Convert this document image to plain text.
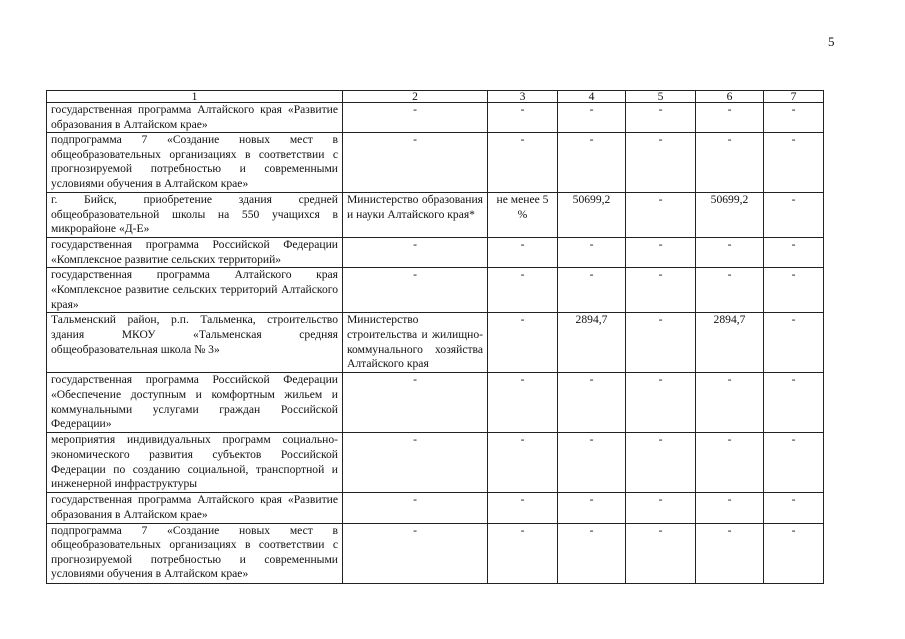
5
1	2	3	4	5	6	7
государственная программа Алтайского края «Развитие образования в Алтайском крае»	-	-	-	-	-	-
подпрограмма 7 «Создание новых мест в общеобразовательных организациях в соответствии с прогнозируемой потребностью и современными условиями обучения в Алтайском крае»	-	-	-	-	-	-
г. Бийск, приобретение здания средней общеобразовательной школы на 550 учащихся в микрорайоне «Д-Е»	Министерство образования и науки Алтайского края*	не менее 5 %	50699,2	-	50699,2	-
государственная программа Российской Федерации «Комплексное развитие сельских территорий»	-	-	-	-	-	-
государственная программа Алтайского края «Комплексное развитие сельских территорий Алтайского края»	-	-	-	-	-	-
Тальменский район, р.п. Тальменка, строительство здания МКОУ «Тальменская средняя общеобразовательная школа № 3»	Министерство строительства и жилищно-коммунального хозяйства Алтайского края	-	2894,7	-	2894,7	-
государственная программа Российской Федерации «Обеспечение доступным и комфортным жильем и коммунальными услугами граждан Российской Федерации»	-	-	-	-	-	-
мероприятия индивидуальных программ социально-экономического развития субъектов Российской Федерации по созданию социальной, транспортной и инженерной инфраструктуры	-	-	-	-	-	-
государственная программа Алтайского края «Развитие образования в Алтайском крае»	-	-	-	-	-	-
подпрограмма 7 «Создание новых мест в общеобразовательных организациях в соответствии с прогнозируемой потребностью и современными условиями обучения в Алтайском крае»	-	-	-	-	-	-
